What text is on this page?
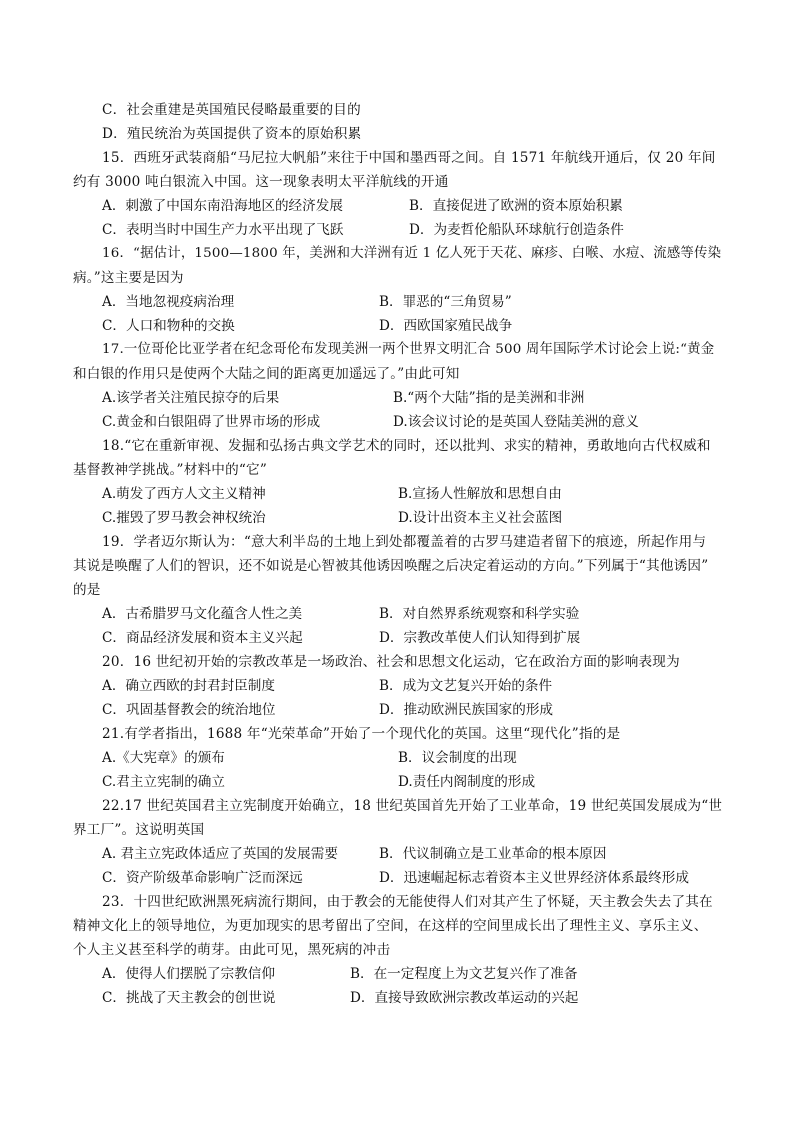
C．社会重建是英国殖民侵略最重要的目的
D．殖民统治为英国提供了资本的原始积累
15．西班牙武装商船“马尼拉大帆船”来往于中国和墨西哥之间。自 1571 年航线开通后，仅 20 年间
约有 3000 吨白银流入中国。这一现象表明太平洋航线的开通
A．刺激了中国东南沿海地区的经济发展	B．直接促进了欧洲的资本原始积累
C．表明当时中国生产力水平出现了飞跃	D．为麦哲伦船队环球航行创造条件
16．“据估计，1500—1800 年，美洲和大洋洲有近 1 亿人死于天花、麻疹、白喉、水痘、流感等传染
病。”这主要是因为
A．当地忽视疫病治理	B．罪恶的“三角贸易”
C．人口和物种的交换	D．西欧国家殖民战争
17.一位哥伦比亚学者在纪念哥伦布发现美洲一两个世界文明汇合 500 周年国际学术讨论会上说:“黄金
和白银的作用只是使两个大陆之间的距离更加遥远了。”由此可知
A.该学者关注殖民掠夺的后果	B.“两个大陆”指的是美洲和非洲
C.黄金和白银阻碍了世界市场的形成	D.该会议讨论的是英国人登陆美洲的意义
18.“它在重新审视、发掘和弘扬古典文学艺术的同时，还以批判、求实的精神，勇敢地向古代权威和
基督教神学挑战。”材料中的“它”
A.萌发了西方人文主义精神	B.宣扬人性解放和思想自由
C.摧毁了罗马教会神权统治	D.设计出资本主义社会蓝图
19．学者迈尔斯认为：“意大利半岛的土地上到处都覆盖着的古罗马建造者留下的痕迹，所起作用与
其说是唤醒了人们的智识，还不如说是心智被其他诱因唤醒之后决定着运动的方向。”下列属于“其他诱因”
的是
A．古希腊罗马文化蕴含人性之美	B．对自然界系统观察和科学实验
C．商品经济发展和资本主义兴起	D．宗教改革使人们认知得到扩展
20．16 世纪初开始的宗教改革是一场政治、社会和思想文化运动，它在政治方面的影响表现为
A．确立西欧的封君封臣制度	B．成为文艺复兴开始的条件
C．巩固基督教会的统治地位	D．推动欧洲民族国家的形成
21.有学者指出，1688 年“光荣革命”开始了一个现代化的英国。这里“现代化”指的是
A.《大宪章》的颁布	B．议会制度的出现
C.君主立宪制的确立	D.责任内阁制度的形成
22.17 世纪英国君主立宪制度开始确立，18 世纪英国首先开始了工业革命，19 世纪英国发展成为“世
界工厂”。这说明英国
A. 君主立宪政体适应了英国的发展需要	B．代议制确立是工业革命的根本原因
C．资产阶级革命影响广泛而深远	D．迅速崛起标志着资本主义世界经济体系最终形成
23．十四世纪欧洲黑死病流行期间，由于教会的无能使得人们对其产生了怀疑，天主教会失去了其在
精神文化上的领导地位，为更加现实的思考留出了空间，在这样的空间里成长出了理性主义、享乐主义、
个人主义甚至科学的萌芽。由此可见，黑死病的冲击
A．使得人们摆脱了宗教信仰	B．在一定程度上为文艺复兴作了准备
C．挑战了天主教会的创世说	D．直接导致欧洲宗教改革运动的兴起
